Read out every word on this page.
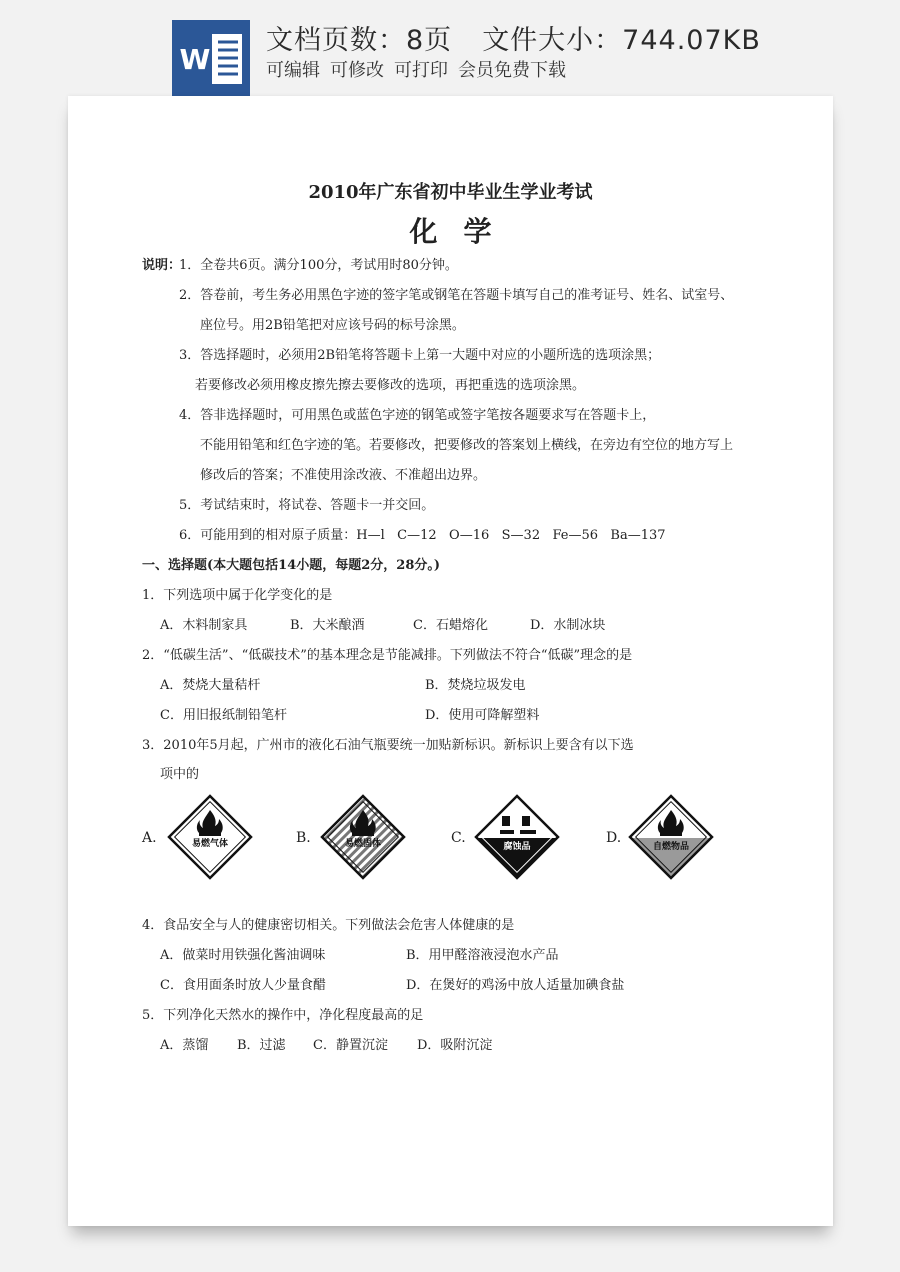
W
文档页数：8页 文件大小：744.07KB
可编辑 可修改 可打印 会员免费下载
2010年广东省初中毕业生学业考试
化学
说明：
1．全卷共6页。满分100分，考试用时80分钟。
2．答卷前，考生务必用黑色字迹的签字笔或钢笔在答题卡填写自己的准考证号、姓名、试室号、
座位号。用2B铅笔把对应该号码的标号涂黑。
3．答选择题时，必须用2B铅笔将答题卡上第一大题中对应的小题所选的选项涂黑；
若要修改必须用橡皮擦先擦去要修改的选项，再把重选的选项涂黑。
4．答非选择题时，可用黑色或蓝色字迹的钢笔或签字笔按各题要求写在答题卡上，
不能用铅笔和红色字迹的笔。若要修改，把要修改的答案划上横线，在旁边有空位的地方写上
修改后的答案；不准使用涂改液、不准超出边界。
5．考试结束时，将试卷、答题卡一并交回。
6．可能用到的相对原子质量：H—l   C—12   O—16   S—32   Fe—56   Ba—137
一、选择题(本大题包括14小题，每题2分，28分。)
1．下列选项中属于化学变化的是
A．木料制家具	B．大米酿酒	C．石蜡熔化	D．水制冰块
2．“低碳生活”、“低碳技术”的基本理念是节能减排。下列做法不符合“低碳”理念的是
A．焚烧大量秸杆	B．焚烧垃圾发电
C．用旧报纸制铅笔杆	D．使用可降解塑料
3．2010年5月起，广州市的液化石油气瓶要统一加贴新标识。新标识上要含有以下选
项中的
A.	易燃气体	B.	易燃固体	C.
腐蚀品
D.
自燃物品
4．食品安全与人的健康密切相关。下列做法会危害人体健康的是
A．做菜时用铁强化酱油调味	B．用甲醛溶液浸泡水产品
C．食用面条时放人少量食醋	D．在煲好的鸡汤中放人适量加碘食盐
5．下列净化天然水的操作中，净化程度最高的足
A．蒸馏 B．过滤 C．静置沉淀 D．吸附沉淀
